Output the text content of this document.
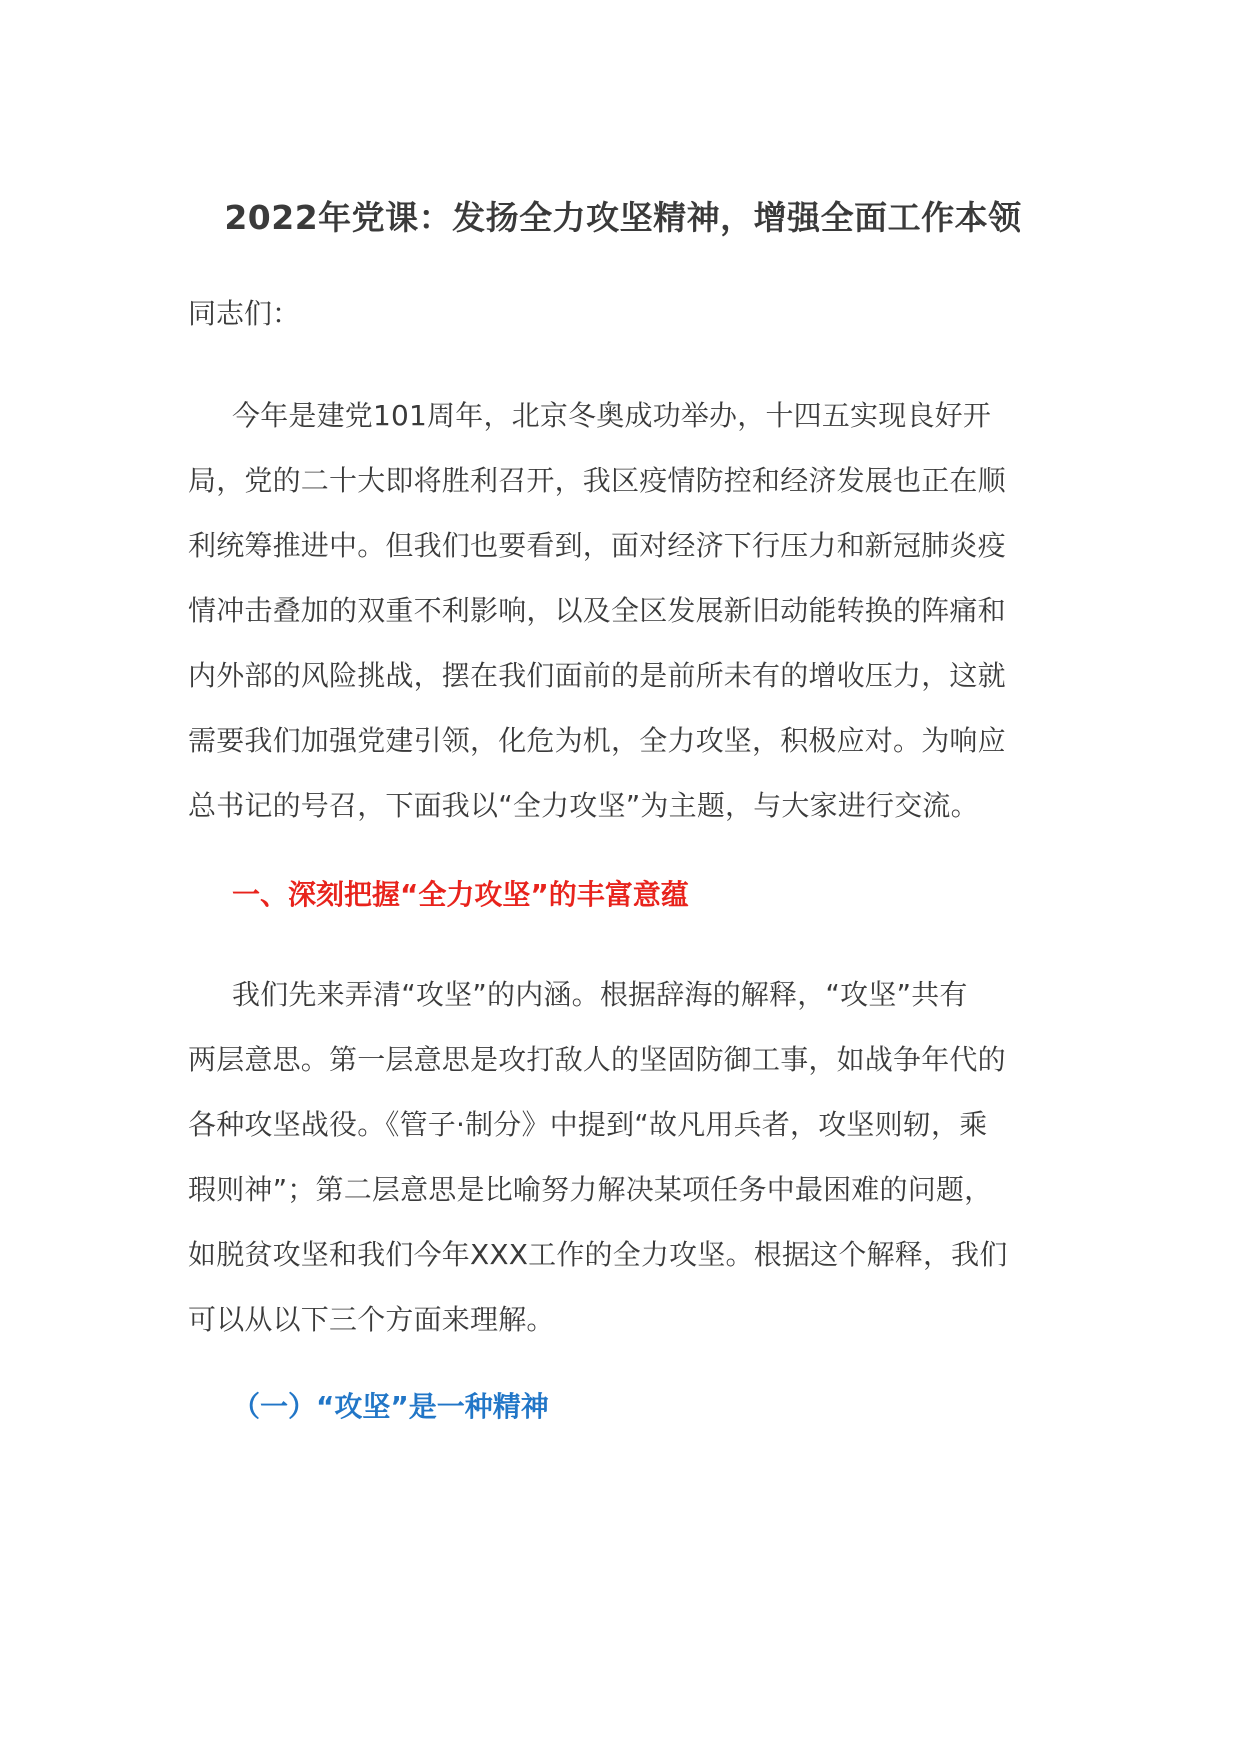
2022年党课：发扬全力攻坚精神，增强全面工作本领

同志们：

今年是建党101周年，北京冬奥成功举办，十四五实现良好开
局，党的二十大即将胜利召开，我区疫情防控和经济发展也正在顺
利统筹推进中。但我们也要看到，面对经济下行压力和新冠肺炎疫
情冲击叠加的双重不利影响，以及全区发展新旧动能转换的阵痛和
内外部的风险挑战，摆在我们面前的是前所未有的增收压力，这就
需要我们加强党建引领，化危为机，全力攻坚，积极应对。为响应
总书记的号召，下面我以“全力攻坚”为主题，与大家进行交流。
一、深刻把握“全力攻坚”的丰富意蕴
我们先来弄清“攻坚”的内涵。根据辞海的解释，“攻坚”共有
两层意思。第一层意思是攻打敌人的坚固防御工事，如战争年代的
各种攻坚战役。《管子·制分》中提到“故凡用兵者，攻坚则轫，乘
瑕则神”；第二层意思是比喻努力解决某项任务中最困难的问题，
如脱贫攻坚和我们今年XXX工作的全力攻坚。根据这个解释，我们
可以从以下三个方面来理解。
（一）“攻坚”是一种精神
